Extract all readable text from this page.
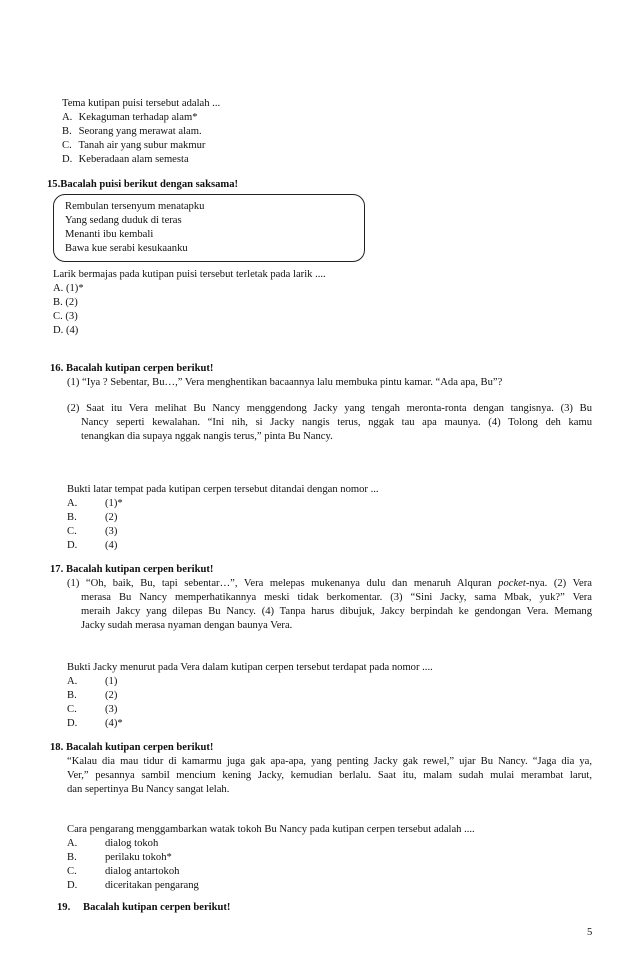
Tema kutipan puisi tersebut adalah ...
A. Kekaguman terhadap alam*
B. Seorang yang merawat alam.
C. Tanah air yang subur makmur
D. Keberadaan alam semesta
15.Bacalah puisi berikut dengan saksama!
Rembulan tersenyum menatapku
Yang sedang duduk di teras
Menanti ibu kembali
Bawa kue serabi kesukaanku
Larik bermajas pada kutipan puisi tersebut terletak pada larik ....
A. (1)*
B. (2)
C. (3)
D. (4)
16. Bacalah kutipan cerpen berikut!
(1) “Iya ? Sebentar, Bu…,” Vera menghentikan bacaannya lalu membuka pintu kamar. “Ada apa, Bu”?
(2) Saat itu Vera melihat Bu Nancy menggendong Jacky yang tengah meronta-ronta dengan tangisnya. (3) Bu
Nancy seperti kewalahan. “Ini nih, si Jacky nangis terus, nggak tau apa maunya. (4) Tolong deh kamu
tenangkan dia supaya nggak nangis terus,” pinta Bu Nancy.
Bukti latar tempat pada kutipan cerpen tersebut ditandai dengan nomor ...
A.	(1)*
B.	(2)
C.	(3)
D.	(4)
17. Bacalah kutipan cerpen berikut!
(1) “Oh, baik, Bu, tapi sebentar…”, Vera melepas mukenanya dulu dan menaruh Alquran pocket-nya. (2) Vera
merasa Bu Nancy memperhatikannya meski tidak berkomentar. (3) “Sini Jacky, sama Mbak, yuk?” Vera
meraih Jakcy yang dilepas Bu Nancy. (4) Tanpa harus dibujuk, Jakcy berpindah ke gendongan Vera. Memang
Jacky sudah merasa nyaman dengan baunya Vera.
Bukti Jacky menurut pada Vera dalam kutipan cerpen tersebut terdapat pada nomor ....
A.	(1)
B.	(2)
C.	(3)
D.	(4)*
18. Bacalah kutipan cerpen berikut!
“Kalau dia mau tidur di kamarmu juga gak apa-apa, yang penting Jacky gak rewel,” ujar Bu Nancy. “Jaga dia ya,
Ver,” pesannya sambil mencium kening Jacky, kemudian berlalu. Saat itu, malam sudah mulai merambat larut,
dan sepertinya Bu Nancy sangat lelah.
Cara pengarang menggambarkan watak tokoh Bu Nancy pada kutipan cerpen tersebut adalah ....
A.	dialog tokoh
B.	perilaku tokoh*
C.	dialog antartokoh
D.	diceritakan pengarang
19. Bacalah kutipan cerpen berikut!
5
